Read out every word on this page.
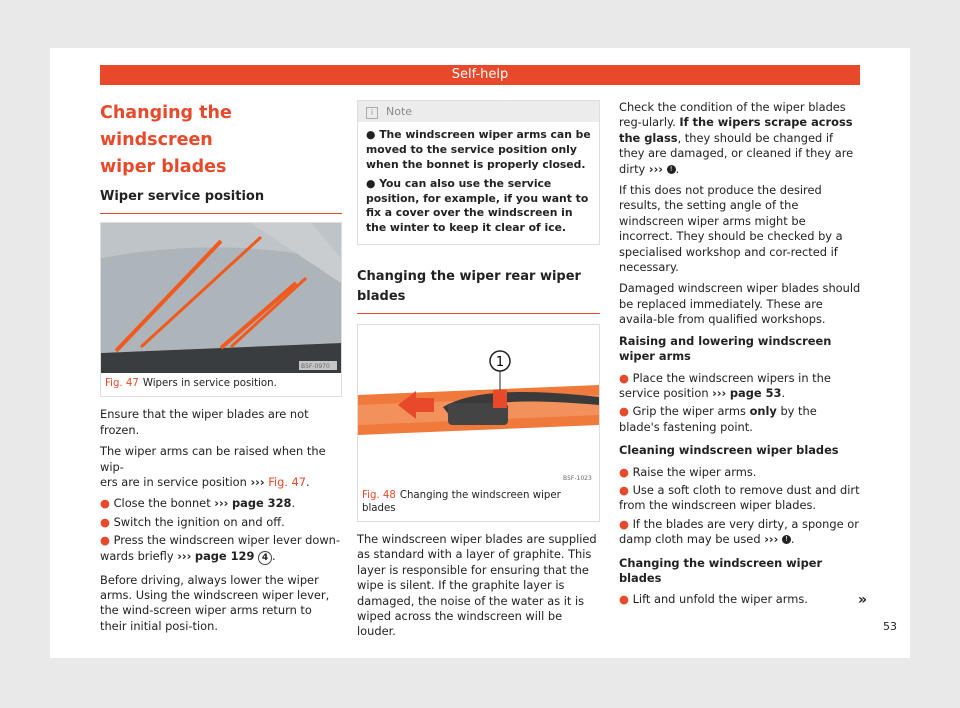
Self-help
Changing the windscreen
wiper blades
Wiper service position
B5F-0970
Fig. 47 Wipers in service position.

Ensure that the wiper blades are not frozen.

The wiper arms can be raised when the wip-
ers are in service position ››› Fig. 47.

● Close the bonnet ››› page 328.
● Switch the ignition on and off.
● Press the windscreen wiper lever down-
wards briefly ››› page 129 4 .

Before driving, always lower the wiper arms. Using the windscreen wiper lever, the wind-screen wiper arms return to their initial posi-tion.

i Note
● The windscreen wiper arms can be moved to the service position only when the bonnet is properly closed.
● You can also use the service position, for example, if you want to fix a cover over the windscreen in the winter to keep it clear of ice.
Changing the wiper rear wiper
blades
1
B5F-1023
Fig. 48 Changing the windscreen wiper blades

The windscreen wiper blades are supplied as standard with a layer of graphite. This layer is responsible for ensuring that the wipe is silent. If the graphite layer is damaged, the noise of the water as it is wiped across the windscreen will be louder.

Check the condition of the wiper blades reg-ularly. If the wipers scrape across the glass, they should be changed if they are damaged, or cleaned if they are dirty ››› ! .

If this does not produce the desired results, the setting angle of the windscreen wiper arms might be incorrect. They should be checked by a specialised workshop and cor-rected if necessary.

Damaged windscreen wiper blades should be replaced immediately. These are availa-ble from qualified workshops.

Raising and lowering windscreen wiper arms

● Place the windscreen wipers in the service position ››› page 53.
● Grip the wiper arms only by the blade's fastening point.

Cleaning windscreen wiper blades

● Raise the wiper arms.
● Use a soft cloth to remove dust and dirt from the windscreen wiper blades.
● If the blades are very dirty, a sponge or damp cloth may be used ››› ! .

Changing the windscreen wiper blades

● Lift and unfold the wiper arms.	»
53
